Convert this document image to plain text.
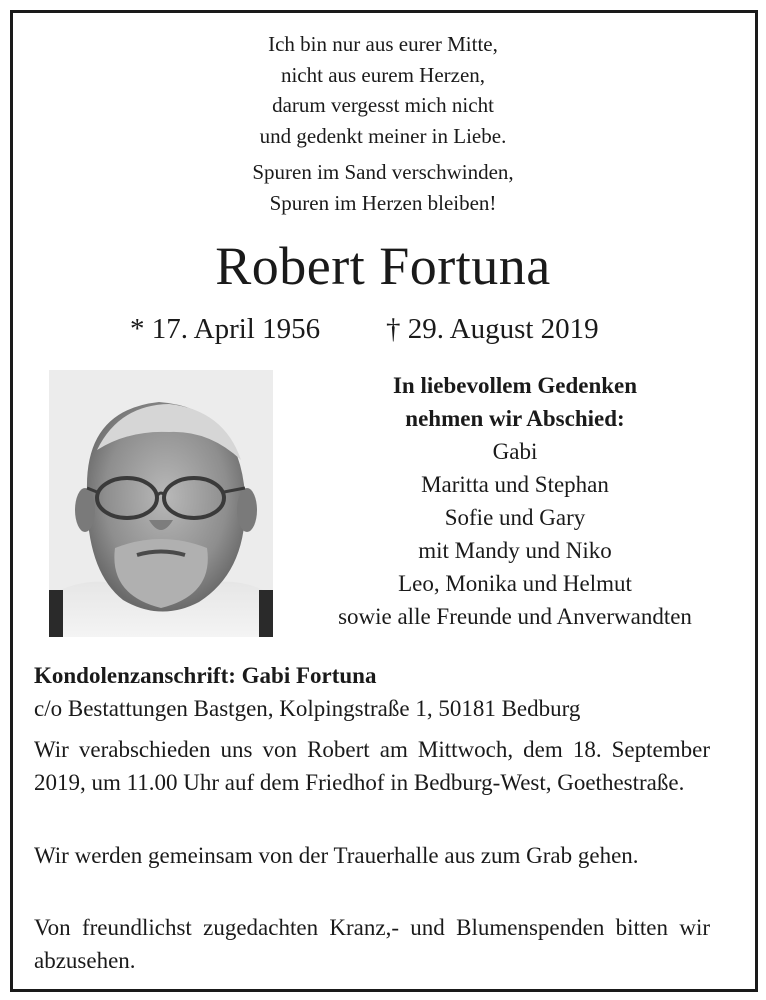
Ich bin nur aus eurer Mitte,
nicht aus eurem Herzen,
darum vergesst mich nicht
und gedenkt meiner in Liebe.
Spuren im Sand verschwinden,
Spuren im Herzen bleiben!
Robert Fortuna
* 17. April 1956 † 29. August 2019
In liebevollem Gedenken
nehmen wir Abschied:
Gabi
Maritta und Stephan
Sofie und Gary
mit Mandy und Niko
Leo, Monika und Helmut
sowie alle Freunde und Anverwandten
Kondolenzanschrift: Gabi Fortuna
c/o Bestattungen Bastgen, Kolpingstraße 1, 50181 Bedburg
Wir verabschieden uns von Robert am Mittwoch, dem 18. September 2019, um 11.00 Uhr auf dem Friedhof in Bedburg-West, Goethestraße.
Wir werden gemeinsam von der Trauerhalle aus zum Grab gehen.
Von freundlichst zugedachten Kranz,- und Blumenspenden bitten wir abzusehen.
